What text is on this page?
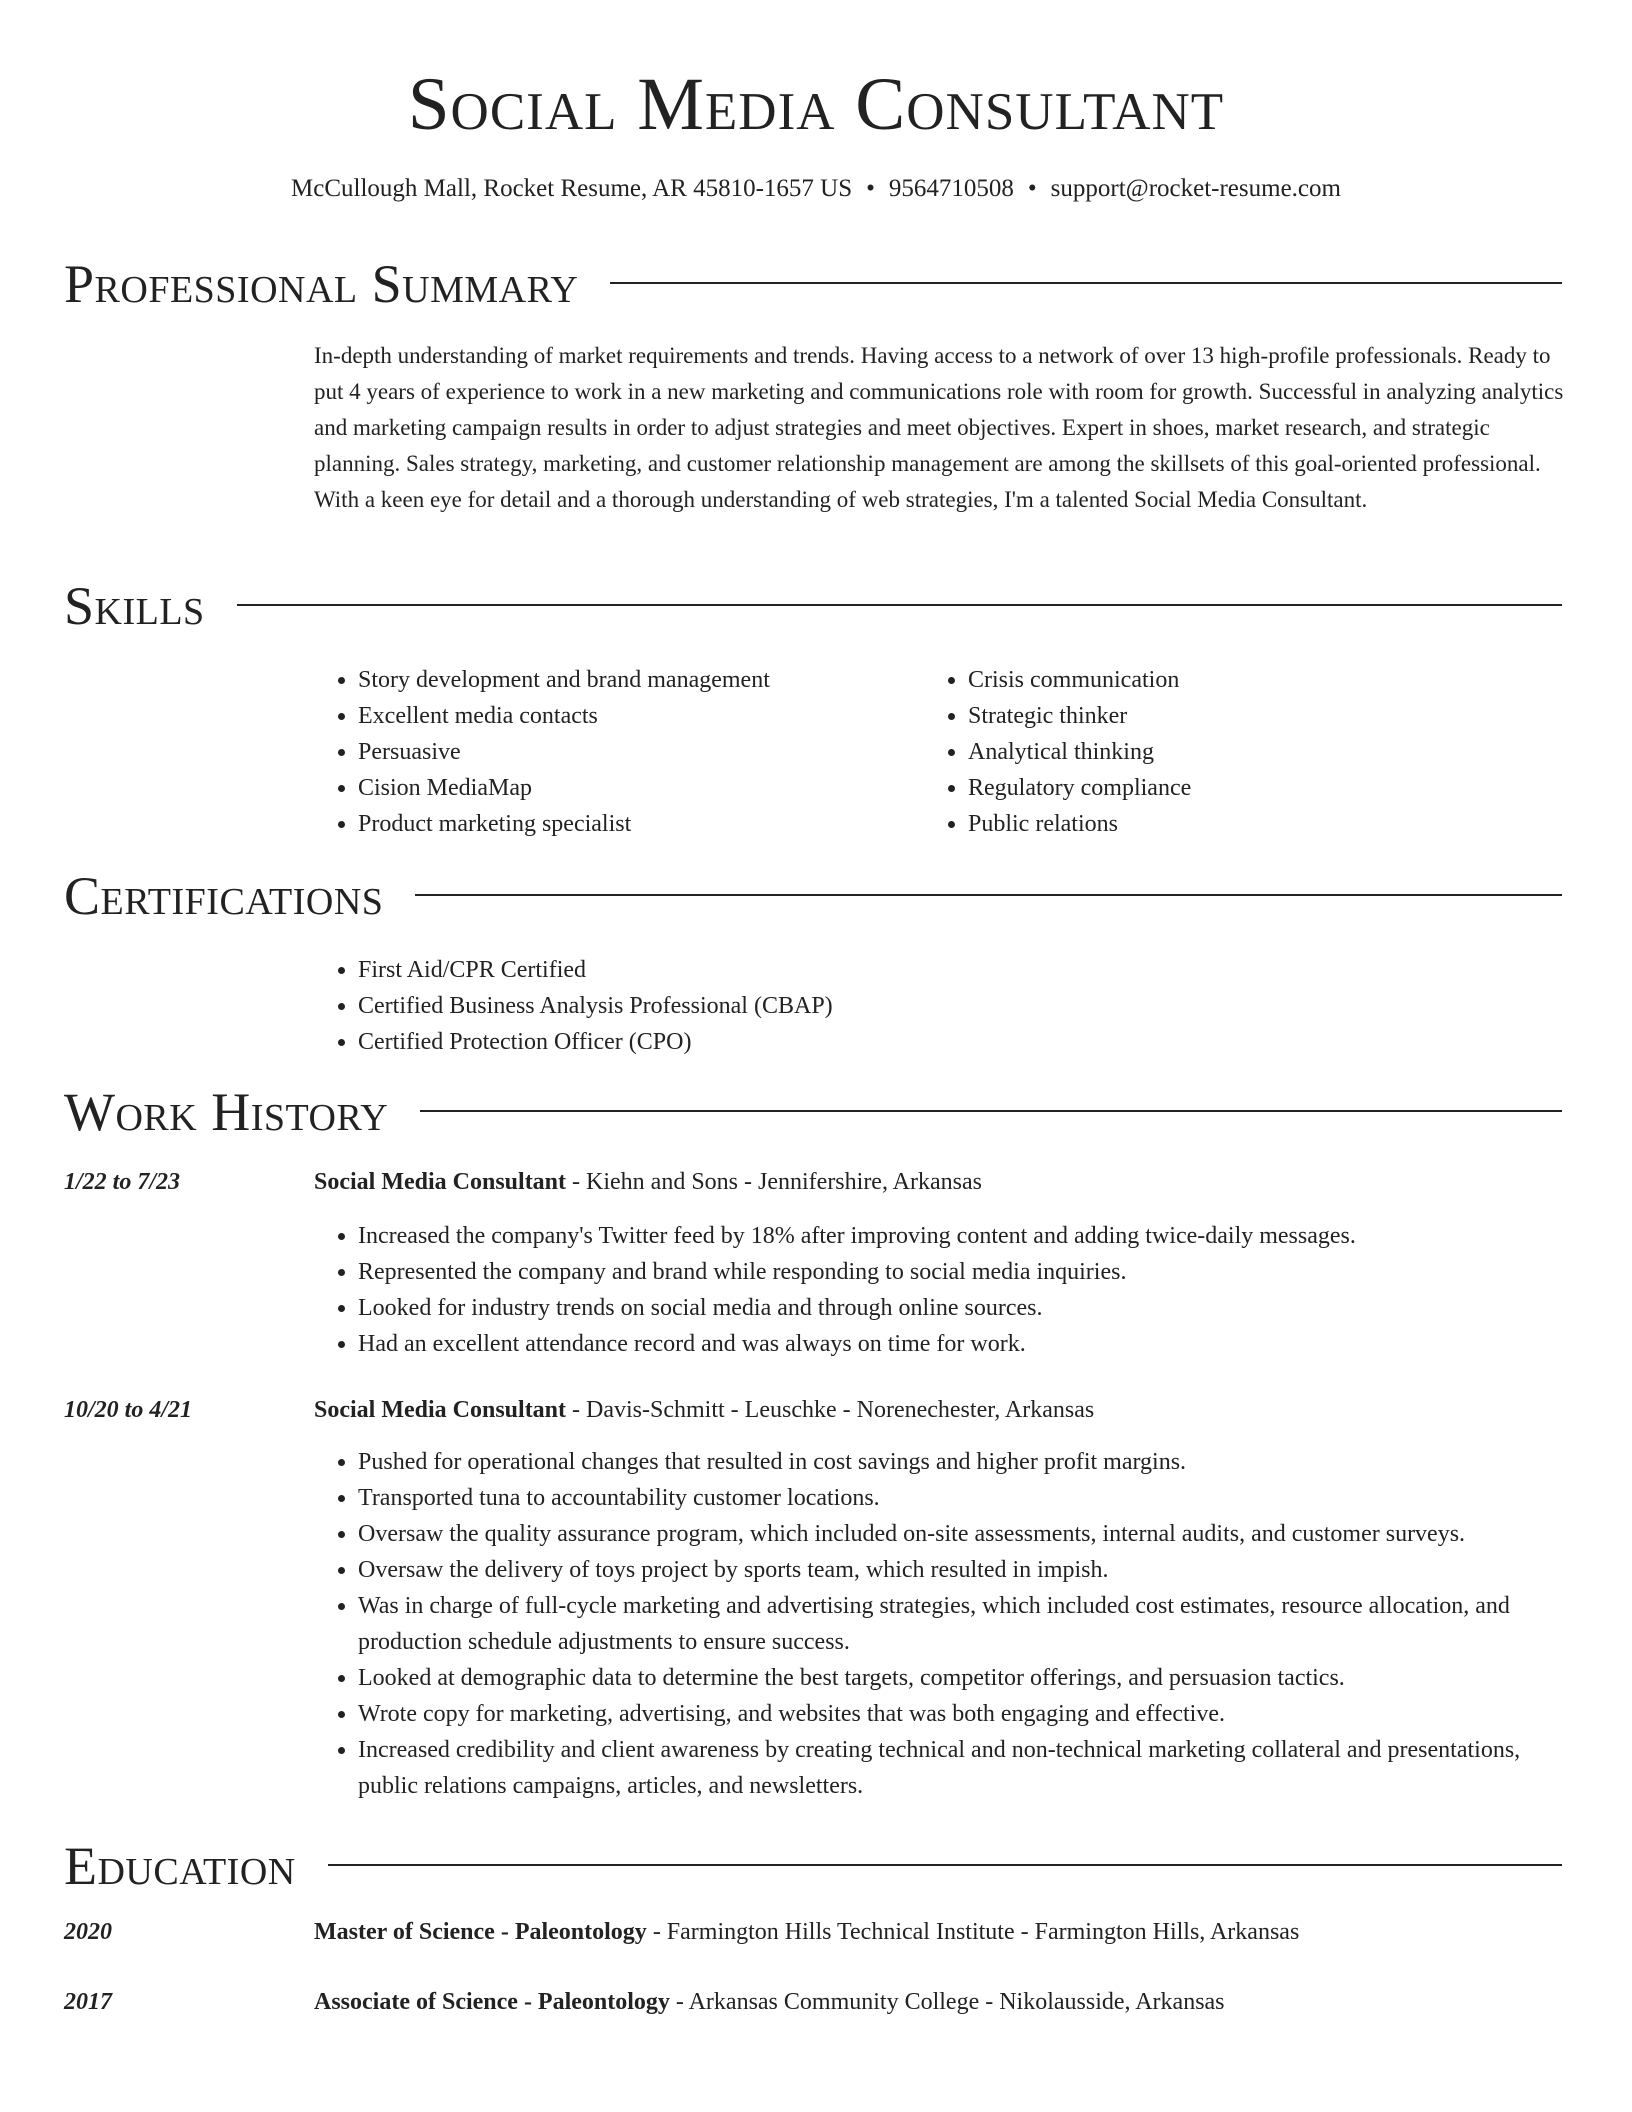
Social Media Consultant
McCullough Mall, Rocket Resume, AR 45810-1657 US • 9564710508 • support@rocket-resume.com
Professional Summary
In-depth understanding of market requirements and trends. Having access to a network of over 13 high-profile professionals. Ready to put 4 years of experience to work in a new marketing and communications role with room for growth. Successful in analyzing analytics and marketing campaign results in order to adjust strategies and meet objectives. Expert in shoes, market research, and strategic planning. Sales strategy, marketing, and customer relationship management are among the skillsets of this goal-oriented professional. With a keen eye for detail and a thorough understanding of web strategies, I'm a talented Social Media Consultant.
Skills
• Story development and brand management
• Excellent media contacts
• Persuasive
• Cision MediaMap
• Product marketing specialist
• Crisis communication
• Strategic thinker
• Analytical thinking
• Regulatory compliance
• Public relations
Certifications
• First Aid/CPR Certified
• Certified Business Analysis Professional (CBAP)
• Certified Protection Officer (CPO)
Work History
1/22 to 7/23	Social Media Consultant - Kiehn and Sons - Jennifershire, Arkansas
• Increased the company's Twitter feed by 18% after improving content and adding twice-daily messages.
• Represented the company and brand while responding to social media inquiries.
• Looked for industry trends on social media and through online sources.
• Had an excellent attendance record and was always on time for work.
10/20 to 4/21	Social Media Consultant - Davis-Schmitt - Leuschke - Norenechester, Arkansas
• Pushed for operational changes that resulted in cost savings and higher profit margins.
• Transported tuna to accountability customer locations.
• Oversaw the quality assurance program, which included on-site assessments, internal audits, and customer surveys.
• Oversaw the delivery of toys project by sports team, which resulted in impish.
• Was in charge of full-cycle marketing and advertising strategies, which included cost estimates, resource allocation, and production schedule adjustments to ensure success.
• Looked at demographic data to determine the best targets, competitor offerings, and persuasion tactics.
• Wrote copy for marketing, advertising, and websites that was both engaging and effective.
• Increased credibility and client awareness by creating technical and non-technical marketing collateral and presentations, public relations campaigns, articles, and newsletters.
Education
2020	Master of Science - Paleontology - Farmington Hills Technical Institute - Farmington Hills, Arkansas
2017	Associate of Science - Paleontology - Arkansas Community College - Nikolausside, Arkansas
